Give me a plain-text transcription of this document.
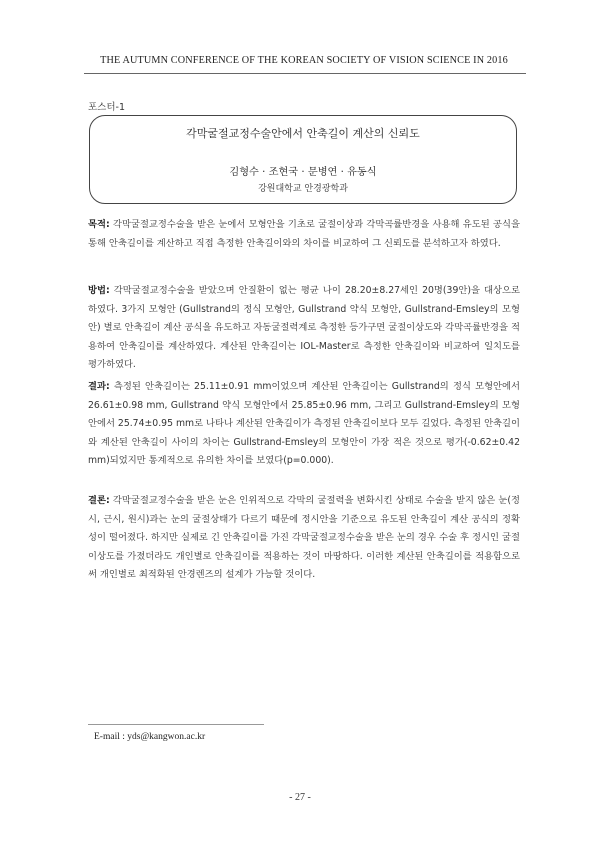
THE AUTUMN CONFERENCE OF THE KOREAN SOCIETY OF VISION SCIENCE IN 2016
포스터-1
각막굴절교정수술안에서 안축길이 계산의 신뢰도
김형수 · 조현국 · 문병연 · 유동식
강원대학교 안경광학과

목적: 각막굴절교정수술을 받은 눈에서 모형안을 기초로 굴절이상과 각막곡률반경을 사용해 유도된 공식을 통해 안축길이를 계산하고 직접 측정한 안축길이와의 차이를 비교하여 그 신뢰도를 분석하고자 하였다.

방법: 각막굴절교정수술을 받았으며 안질환이 없는 평균 나이 28.20±8.27세인 20명(39안)을 대상으로 하였다. 3가지 모형안 (Gullstrand의 정식 모형안, Gullstrand 약식 모형안, Gullstrand-Emsley의 모형안) 별로 안축길이 계산 공식을 유도하고 자동굴절력계로 측정한 등가구면 굴절이상도와 각막곡률반경을 적용하여 안축길이를 계산하였다. 계산된 안축길이는 IOL-Master로 측정한 안축길이와 비교하여 일치도를 평가하였다.

결과: 측정된 안축길이는 25.11±0.91 mm이었으며 계산된 안축길이는 Gullstrand의 정식 모형안에서 26.61±0.98 mm, Gullstrand 약식 모형안에서 25.85±0.96 mm, 그리고 Gullstrand-Emsley의 모형안에서 25.74±0.95 mm로 나타나 계산된 안축길이가 측정된 안축길이보다 모두 길었다. 측정된 안축길이와 계산된 안축길이 사이의 차이는 Gullstrand-Emsley의 모형안이 가장 적은 것으로 평가(-0.62±0.42 mm)되었지만 통계적으로 유의한 차이를 보였다(p=0.000).

결론: 각막굴절교정수술을 받은 눈은 인위적으로 각막의 굴절력을 변화시킨 상태로 수술을 받지 않은 눈(정시, 근시, 원시)과는 눈의 굴절상태가 다르기 때문에 정시안을 기준으로 유도된 안축길이 계산 공식의 정확성이 떨어졌다. 하지만 실제로 긴 안축길이를 가진 각막굴절교정수술을 받은 눈의 경우 수술 후 정시인 굴절이상도를 가졌더라도 개인별로 안축길이를 적용하는 것이 마땅하다. 이러한 계산된 안축길이를 적용함으로써 개인별로 최적화된 안경렌즈의 설계가 가능할 것이다.

E-mail : yds@kangwon.ac.kr
- 27 -
